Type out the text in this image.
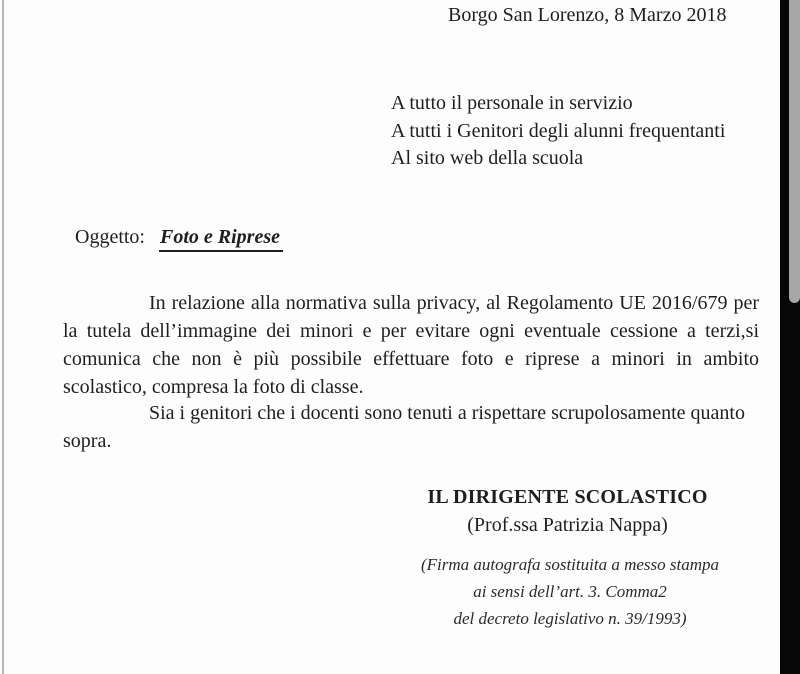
Borgo San Lorenzo, 8 Marzo 2018
A tutto il personale in servizio
A tutti i Genitori degli alunni frequentanti
Al sito web della scuola
Oggetto: Foto e Riprese
In relazione alla normativa sulla privacy, al Regolamento UE 2016/679 per la tutela dell’immagine dei minori e per evitare ogni eventuale cessione a terzi,si comunica che non è più possibile effettuare foto e riprese a minori in ambito scolastico, compresa la foto di classe.
Sia i genitori che i docenti sono tenuti a rispettare scrupolosamente quanto sopra.
IL DIRIGENTE SCOLASTICO
(Prof.ssa Patrizia Nappa)
(Firma autografa sostituita a messo stampa
ai sensi dell’art. 3. Comma2
del decreto legislativo n. 39/1993)
